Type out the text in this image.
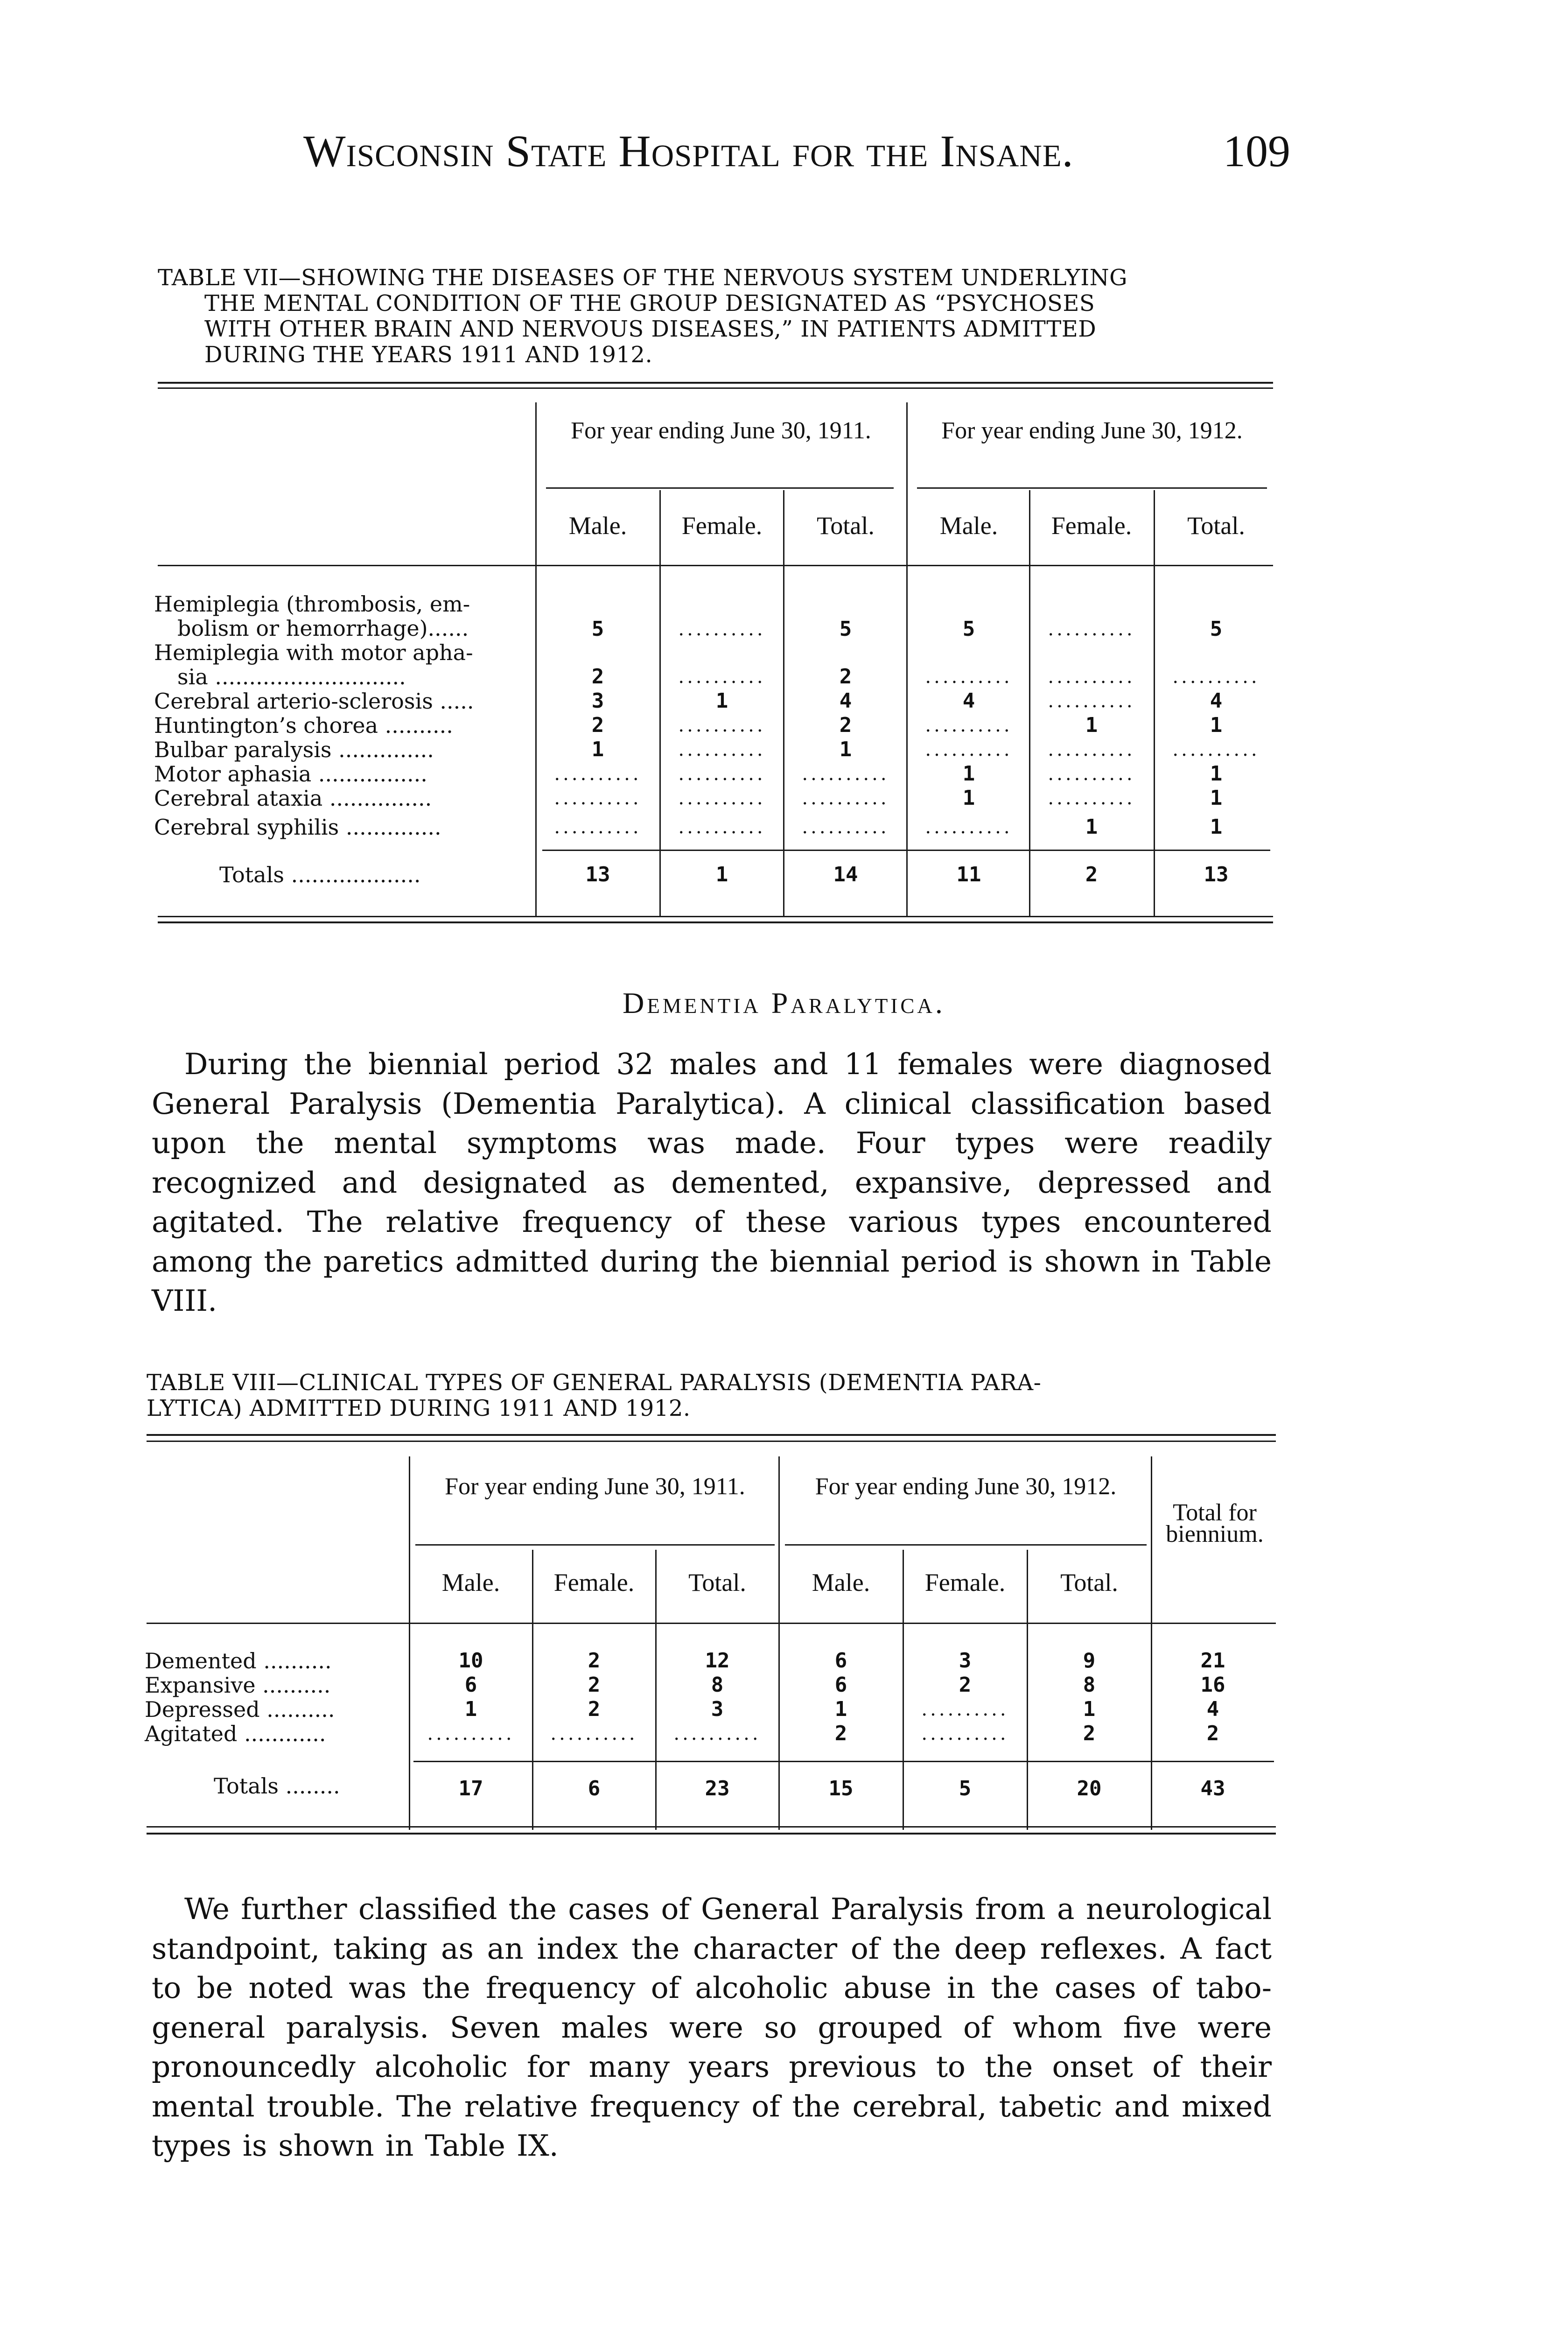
Wisconsin State Hospital for the Insane.	109
TABLE VII—SHOWING THE DISEASES OF THE NERVOUS SYSTEM UNDERLYING
THE MENTAL CONDITION OF THE GROUP DESIGNATED AS “PSYCHOSES
WITH OTHER BRAIN AND NERVOUS DISEASES,” IN PATIENTS ADMITTED
DURING THE YEARS 1911 AND 1912.
For year ending June 30, 1911.	For year ending June 30, 1912.
Male.	Female.	Total.	Male.	Female.	Total.
Hemiplegia (thrombosis, em-
bolism or hemorrhage)......	5	..........	5	5	..........	5
Hemiplegia with motor apha-
sia ............................	2	..........	2	..........	..........	..........
Cerebral arterio-sclerosis .....	3	1	4	4	..........	4
Huntington’s chorea ..........	2	..........	2	..........	1	1
Bulbar paralysis ..............	1	..........	1	..........	..........	..........
Motor aphasia ................	..........	..........	..........	1	..........	1
Cerebral ataxia ...............	..........	..........	..........	1	..........	1
Cerebral syphilis ..............	..........	..........	..........	..........	1	1
Totals ...................	13	1	14	11	2	13
Dementia Paralytica.
During the biennial period 32 males and 11 females were diagnosed General Paralysis (Dementia Paralytica). A clinical classification based upon the mental symptoms was made. Four types were readily recognized and designated as demented, expansive, depressed and agitated. The relative frequency of these various types encountered among the paretics admitted during the biennial period is shown in Table VIII.
TABLE VIII—CLINICAL TYPES OF GENERAL PARALYSIS (DEMENTIA PARA-
LYTICA) ADMITTED DURING 1911 AND 1912.
For year ending June 30, 1911.	For year ending June 30, 1912.
Total for biennium.
Male.	Female.	Total.	Male.	Female.	Total.
Demented ..........	10	2	12	6	3	9	21
Expansive ..........	6	2	8	6	2	8	16
Depressed ..........	1	2	3	1	..........	1	4
Agitated ............	..........	..........	..........	2	..........	2	2
Totals ........	17	6	23	15	5	20	43
We further classified the cases of General Paralysis from a neurological standpoint, taking as an index the character of the deep reflexes. A fact to be noted was the frequency of alcoholic abuse in the cases of tabo-general paralysis. Seven males were so grouped of whom five were pronouncedly alcoholic for many years previous to the onset of their mental trouble. The relative frequency of the cerebral, tabetic and mixed types is shown in Table IX.
